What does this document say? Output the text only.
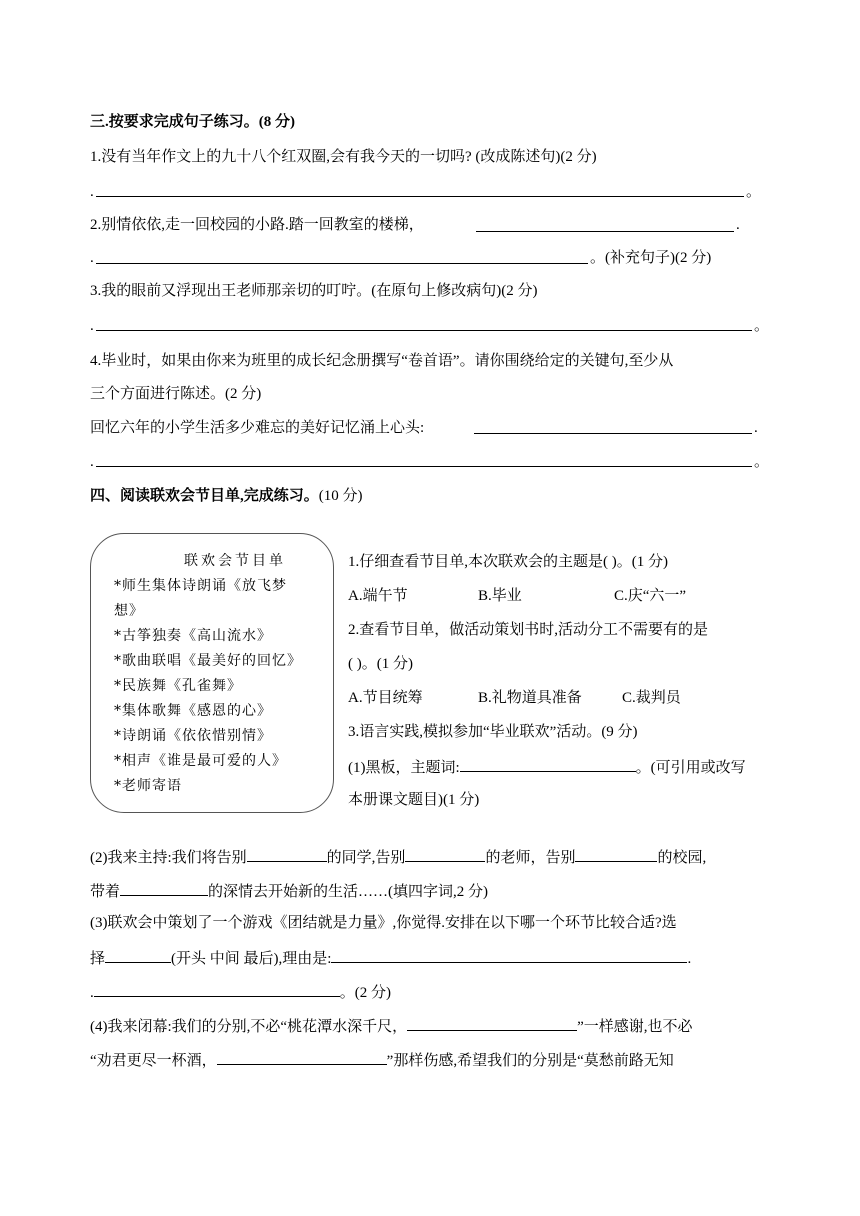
三.按要求完成句子练习。(8 分)
1.没有当年作文上的九十八个红双圈,会有我今天的一切吗? (改成陈述句)(2 分)
.	。
2.别情依依,走一回校园的小路.踏一回教室的楼梯，	.
.	。(补充句子)(2 分)
3.我的眼前又浮现出王老师那亲切的叮咛。(在原句上修改病句)(2 分)
.	。
4.毕业时，如果由你来为班里的成长纪念册撰写“卷首语”。请你围绕给定的关键句,至少从
三个方面进行陈述。(2 分)
回忆六年的小学生活多少难忘的美好记忆涌上心头:	.
.	。
四、阅读联欢会节目单,完成练习。(10 分)
联欢会节目单
*师生集体诗朗诵《放飞梦
想》
*古筝独奏《高山流水》
*歌曲联唱《最美好的回忆》
*民族舞《孔雀舞》
*集体歌舞《感恩的心》
*诗朗诵《依依惜别情》
*相声《谁是最可爱的人》
*老师寄语
1.仔细查看节目单,本次联欢会的主题是( )。(1 分)
A.端午节	B.毕业	C.庆“六一”
2.查看节目单，做活动策划书时,活动分工不需要有的是
( )。(1 分)
A.节目统筹	B.礼物道具准备	C.裁判员
3.语言实践,模拟参加“毕业联欢”活动。(9 分)
(1)黑板，主题词:	。(可引用或改写
本册课文题目)(1 分)
(2)我来主持:我们将告别	的同学,告别	的老师，告别	的校园,
带着	的深情去开始新的生活……(填四字词,2 分)
(3)联欢会中策划了一个游戏《团结就是力量》,你觉得.安排在以下哪一个环节比较合适?选
择	(开头 中间 最后),理由是:	.
.	。(2 分)
(4)我来闭幕:我们的分别,不必“桃花潭水深千尺，	”一样感谢,也不必
“劝君更尽一杯酒，	”那样伤感,希望我们的分别是“莫愁前路无知
